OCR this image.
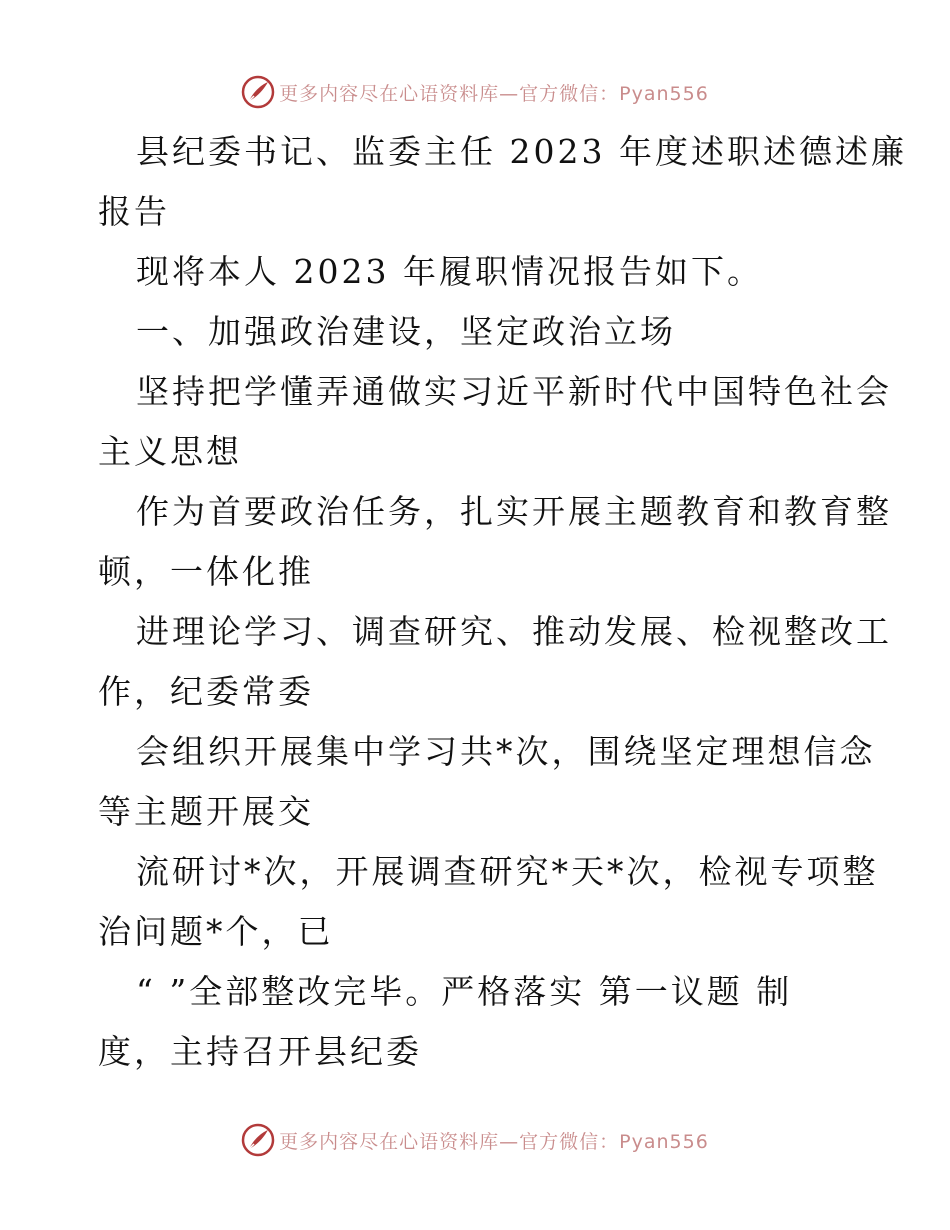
更多内容尽在心语资料库—官方微信：Pyan556
县纪委书记、监委主任 2023 年度述职述德述廉
报告
现将本人 2023 年履职情况报告如下。
一、加强政治建设，坚定政治立场
坚持把学懂弄通做实习近平新时代中国特色社会
主义思想
作为首要政治任务，扎实开展主题教育和教育整
顿，一体化推
进理论学习、调查研究、推动发展、检视整改工
作，纪委常委
会组织开展集中学习共*次，围绕坚定理想信念
等主题开展交
流研讨*次，开展调查研究*天*次，检视专项整
治问题*个，已
“ ”全部整改完毕。严格落实 第一议题 制
度，主持召开县纪委
更多内容尽在心语资料库—官方微信：Pyan556
